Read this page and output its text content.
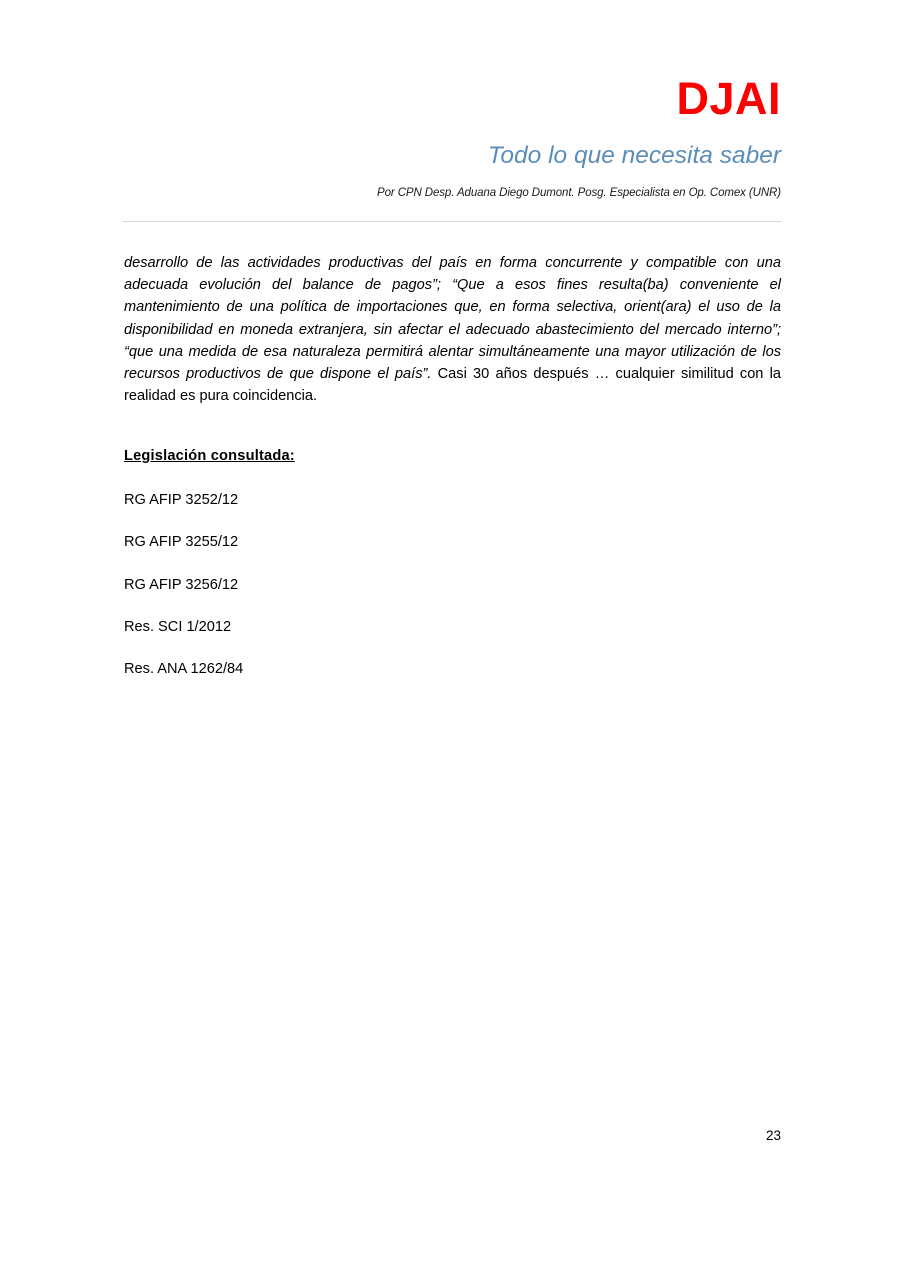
DJAI
Todo lo que necesita saber
Por CPN Desp. Aduana Diego Dumont. Posg. Especialista en Op. Comex (UNR)

desarrollo de las actividades productivas del país en forma concurrente y compatible con una adecuada evolución del balance de pagos”; “Que a esos fines resulta(ba) conveniente el mantenimiento de una política de importaciones que, en forma selectiva, orient(ara) el uso de la disponibilidad en moneda extranjera, sin afectar el adecuado abastecimiento del mercado interno”; “que una medida de esa naturaleza permitirá alentar simultáneamente una mayor utilización de los recursos productivos de que dispone el país”. Casi 30 años después … cualquier similitud con la realidad es pura coincidencia.

Legislación consultada:
RG AFIP 3252/12
RG AFIP 3255/12
RG AFIP 3256/12
Res. SCI 1/2012
Res. ANA 1262/84
23
